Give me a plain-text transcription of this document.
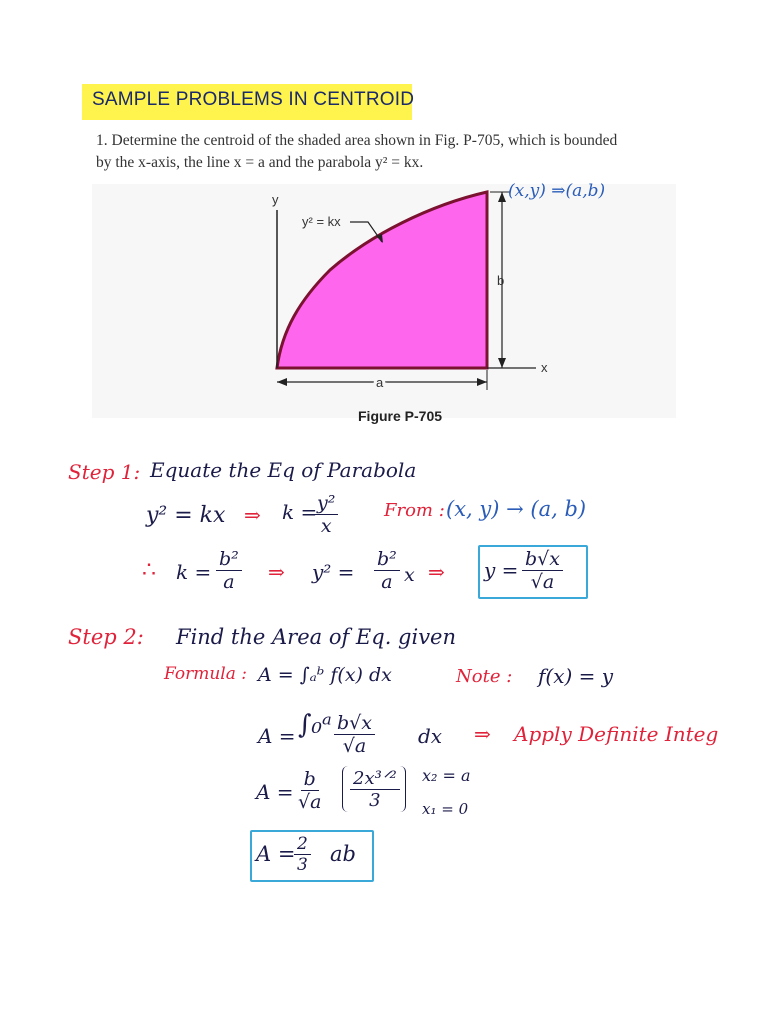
SAMPLE PROBLEMS IN CENTROID
1. Determine the centroid of the shaded area shown in Fig. P-705, which is bounded
by the x-axis, the line x = a and the parabola y² = kx.
y
x
y² = kx
b
a
Figure P-705
(x,y) ⇒(a,b)
Step 1: Equate the Eq of Parabola
y² = kx ⇒ k =
$\frac{\text{y²}}{x}$	From : (x, y) → (a, b)
∴ $k = \frac{\text{b²}}{a}$ ⇒ $y^2 = \frac{\text{b²}}{a}$ x ⇒ $y = \frac{b√x}{√a}$
Step 2: Find the Area of Eq. given
Formula : A = ∫ₐᵇ f(x) dx	Note : f(x) = y
A = ∫₀ᵃ $\frac{b√x}{√a}$ dx ⇒ Apply Definite Integ
$A = \frac{b}{√a}$ 2x³ᐟ²
3
x₂ = a
x₁ = 0
A =
$\frac{2}{3}$ ab
